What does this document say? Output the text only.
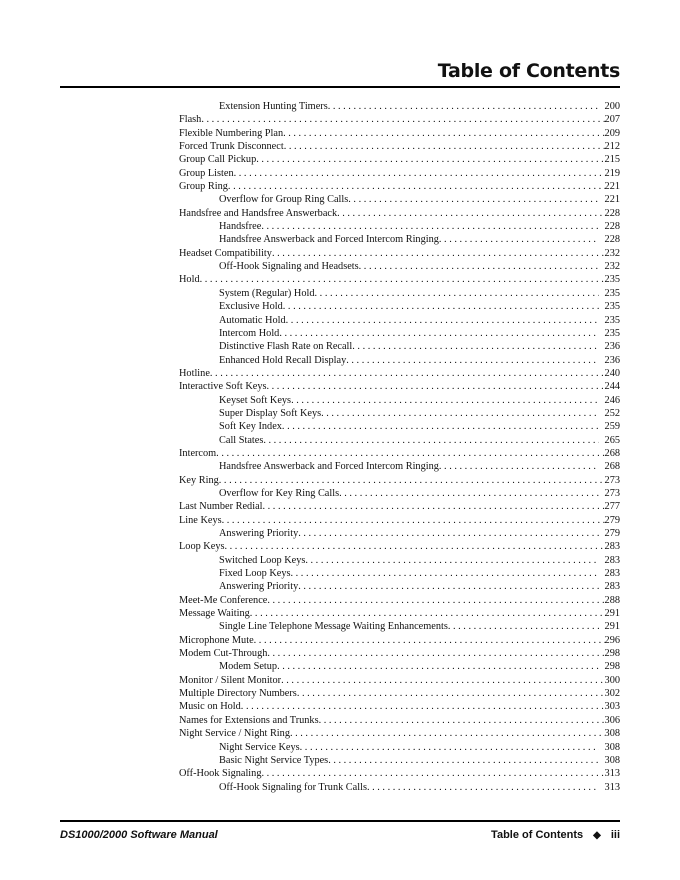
Table of Contents
Extension Hunting Timers . . .	200
Flash . . .	207
Flexible Numbering Plan . . .	209
Forced Trunk Disconnect . . .	212
Group Call Pickup . . .	215
Group Listen . . .	219
Group Ring . . .	221
Overflow for Group Ring Calls . . .	221
Handsfree and Handsfree Answerback . . .	228
Handsfree . . .	228
Handsfree Answerback and Forced Intercom Ringing . . .	228
Headset Compatibility . . .	232
Off-Hook Signaling and Headsets . . .	232
Hold . . .	235
System (Regular) Hold . . .	235
Exclusive Hold . . .	235
Automatic Hold . . .	235
Intercom Hold . . .	235
Distinctive Flash Rate on Recall . . .	236
Enhanced Hold Recall Display . . .	236
Hotline . . .	240
Interactive Soft Keys . . .	244
Keyset Soft Keys . . .	246
Super Display Soft Keys . . .	252
Soft Key Index . . .	259
Call States . . .	265
Intercom . . .	268
Handsfree Answerback and Forced Intercom Ringing . . .	268
Key Ring . . .	273
Overflow for Key Ring Calls . . .	273
Last Number Redial . . .	277
Line Keys . . .	279
Answering Priority . . .	279
Loop Keys . . .	283
Switched Loop Keys . . .	283
Fixed Loop Keys . . .	283
Answering Priority . . .	283
Meet-Me Conference . . .	288
Message Waiting . . .	291
Single Line Telephone Message Waiting Enhancements . . .	291
Microphone Mute . . .	296
Modem Cut-Through . . .	298
Modem Setup . . .	298
Monitor / Silent Monitor . . .	300
Multiple Directory Numbers . . .	302
Music on Hold . . .	303
Names for Extensions and Trunks . . .	306
Night Service / Night Ring . . .	308
Night Service Keys . . .	308
Basic Night Service Types . . .	308
Off-Hook Signaling . . .	313
Off-Hook Signaling for Trunk Calls . . .	313
DS1000/2000 Software Manual	Table of Contents ◆ iii
